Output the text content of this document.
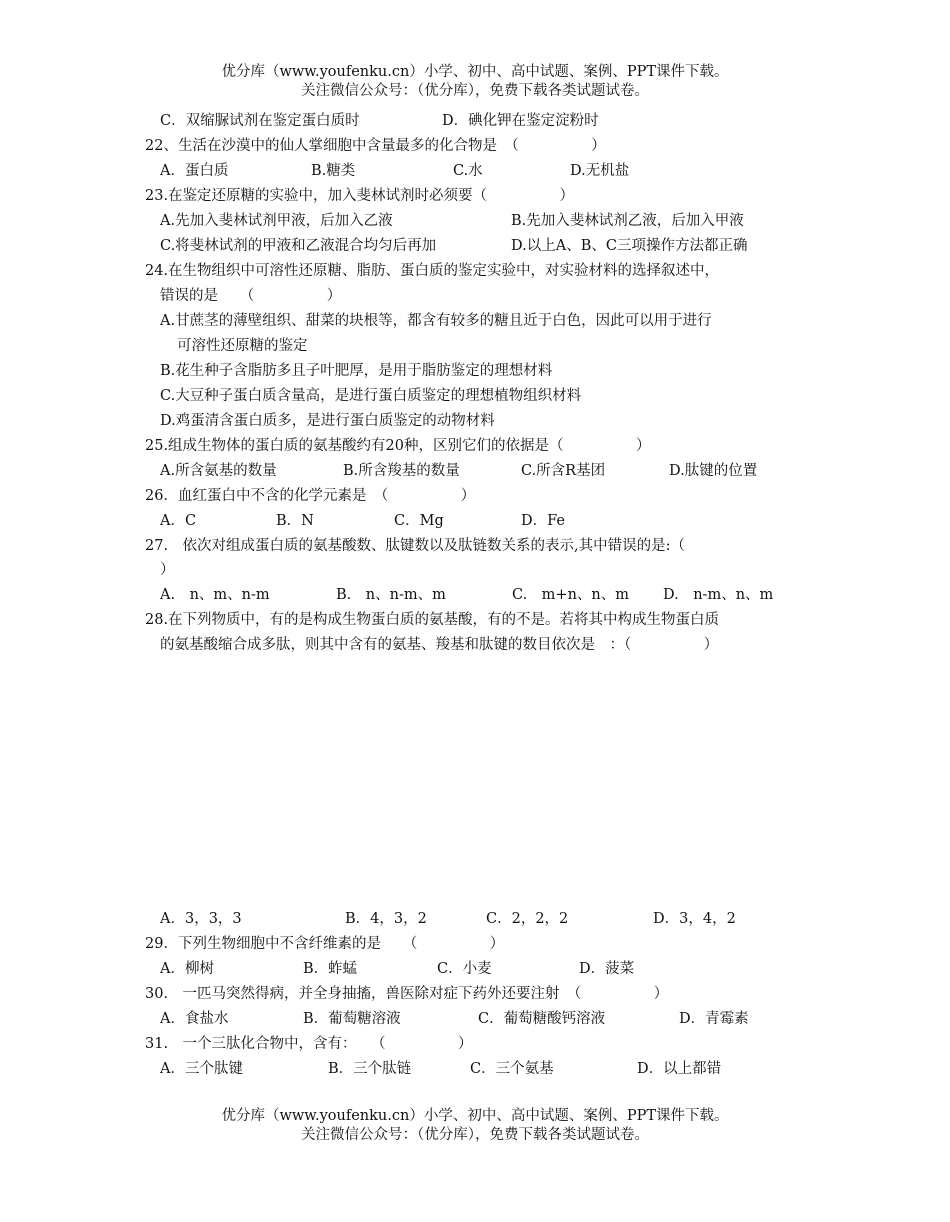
优分库（www.youfenku.cn）小学、初中、高中试题、案例、PPT课件下载。
关注微信公众号：（优分库），免费下载各类试题试卷。
C．双缩脲试剂在鉴定蛋白质时	D．碘化钾在鉴定淀粉时
22、生活在沙漠中的仙人掌细胞中含量最多的化合物是　（　　　　　）
A．蛋白质	B.糖类	C.水	D.无机盐
23.在鉴定还原糖的实验中，加入斐林试剂时必须要（　　　　　）
A.先加入斐林试剂甲液，后加入乙液	B.先加入斐林试剂乙液，后加入甲液
C.将斐林试剂的甲液和乙液混合均匀后再加	D.以上A、B、C三项操作方法都正确
24.在生物组织中可溶性还原糖、脂肪、蛋白质的鉴定实验中，对实验材料的选择叙述中，
错误的是　　（　　　　　）
A.甘蔗茎的薄壁组织、甜菜的块根等，都含有较多的糖且近于白色，因此可以用于进行
可溶性还原糖的鉴定
B.花生种子含脂肪多且子叶肥厚，是用于脂肪鉴定的理想材料
C.大豆种子蛋白质含量高，是进行蛋白质鉴定的理想植物组织材料
D.鸡蛋清含蛋白质多，是进行蛋白质鉴定的动物材料
25.组成生物体的蛋白质的氨基酸约有20种，区别它们的依据是（　　　　　）
A.所含氨基的数量	B.所含羧基的数量	C.所含R基团	D.肽键的位置
26．血红蛋白中不含的化学元素是　（　　　　　）
A．C	B．N	C．Mg	D．Fe
27.　依次对组成蛋白质的氨基酸数、肽键数以及肽链数关系的表示,其中错误的是:（
）
A.　n、m、n-m	B.　n、n-m、m	C.　m+n、n、m D.　n-m、n、m
28.在下列物质中，有的是构成生物蛋白质的氨基酸，有的不是。若将其中构成生物蛋白质
的氨基酸缩合成多肽，则其中含有的氨基、羧基和肽键的数目依次是　：（　　　　　）
A．3，3，3	B．4，3，2	C．2，2，2	D．3，4，2
29．下列生物细胞中不含纤维素的是　　（　　　　　）
A．柳树	B．蚱蜢	C．小麦	D．菠菜
30.　一匹马突然得病，并全身抽搐，兽医除对症下药外还要注射　（　　　　　）
A．食盐水	B．葡萄糖溶液	C．葡萄糖酸钙溶液	D．青霉素
31.　一个三肽化合物中，含有：　　（　　　　　）
A．三个肽键	B．三个肽链	C．三个氨基	D．以上都错
优分库（www.youfenku.cn）小学、初中、高中试题、案例、PPT课件下载。
关注微信公众号：（优分库），免费下载各类试题试卷。
